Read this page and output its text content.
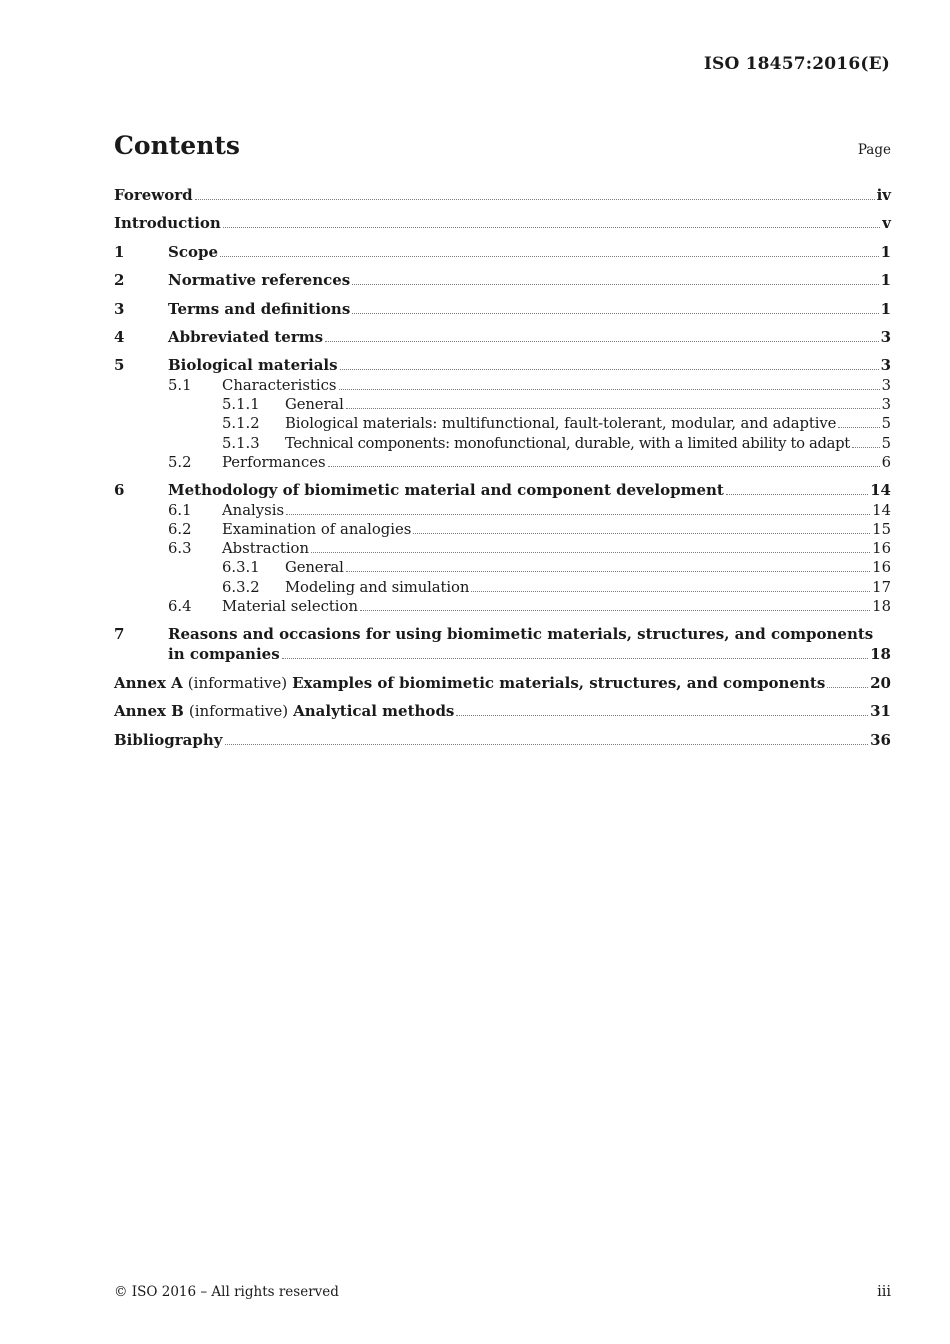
ISO 18457:2016(E)
Contents	Page
Foreword	iv
Introduction	v
1	Scope	1
2	Normative references	1
3	Terms and definitions	1
4	Abbreviated terms	3
5	Biological materials	3
5.1	Characteristics	3
5.1.1	General	3
5.1.2	Biological materials: multifunctional, fault-tolerant, modular, and adaptive	5
5.1.3	Technical components: monofunctional, durable, with a limited ability to adapt 5
5.2	Performances	6
6	Methodology of biomimetic material and component development	14
6.1	Analysis	14
6.2	Examination of analogies	15
6.3	Abstraction	16
6.3.1	General	16
6.3.2	Modeling and simulation	17
6.4	Material selection	18
7	Reasons and occasions for using biomimetic materials, structures, and components
in companies	18
Annex A (informative) Examples of biomimetic materials, structures, and components	20
Annex B (informative) Analytical methods	31
Bibliography	36
© ISO 2016 – All rights reserved	iii
